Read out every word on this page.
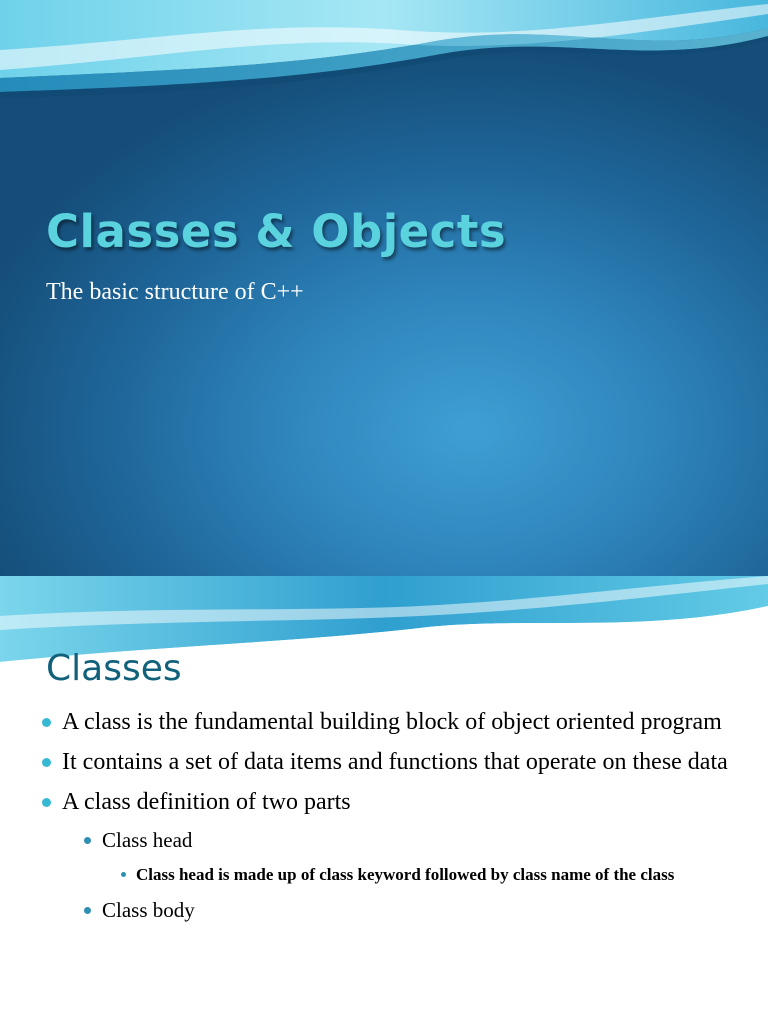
Classes & Objects

The basic structure of C++

Classes
A class is the fundamental building block of object oriented program
It contains a set of data items and functions that operate on these data
A class definition of two parts
Class head
Class head is made up of class keyword followed by class name of the class
Class body
